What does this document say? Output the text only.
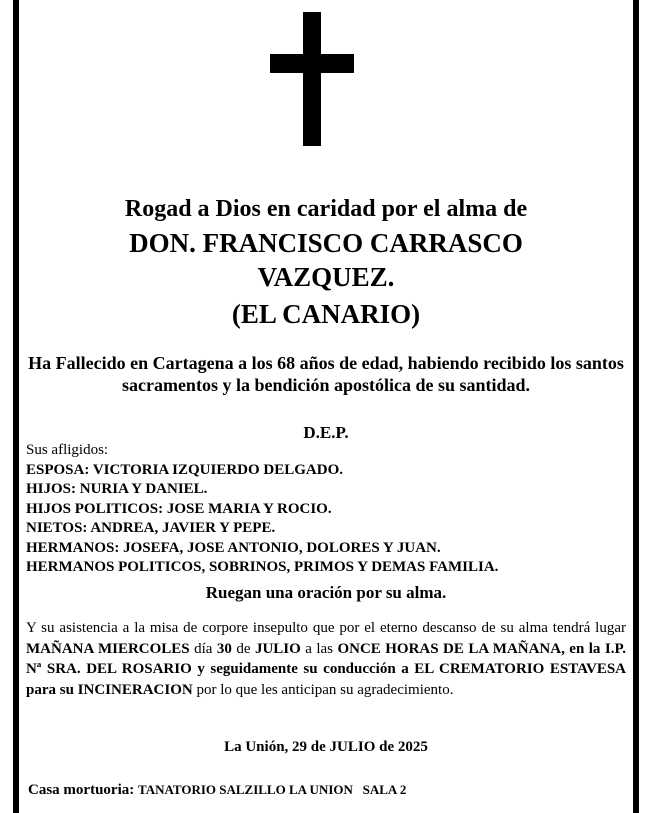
Rogad a Dios en caridad por el alma de
DON. FRANCISCO CARRASCO
VAZQUEZ.
(EL CANARIO)
Ha Fallecido en Cartagena a los 68 años de edad, habiendo recibido los santos sacramentos y la bendición apostólica de su santidad.
D.E.P.
Sus afligidos:
ESPOSA: VICTORIA IZQUIERDO DELGADO.
HIJOS: NURIA Y DANIEL.
HIJOS POLITICOS: JOSE MARIA Y ROCIO.
NIETOS: ANDREA, JAVIER Y PEPE.
HERMANOS: JOSEFA, JOSE ANTONIO, DOLORES Y JUAN.
HERMANOS POLITICOS, SOBRINOS, PRIMOS Y DEMAS FAMILIA.
Ruegan una oración por su alma.
Y su asistencia a la misa de corpore insepulto que por el eterno descanso de su alma tendrá lugar MAÑANA MIERCOLES día 30 de JULIO a las ONCE HORAS DE LA MAÑANA, en la I.P. Nª SRA. DEL ROSARIO y seguidamente su conducción a EL CREMATORIO ESTAVESA para su INCINERACION por lo que les anticipan su agradecimiento.
La Unión, 29 de JULIO de 2025
Casa mortuoria: TANATORIO SALZILLO LA UNION   SALA 2
